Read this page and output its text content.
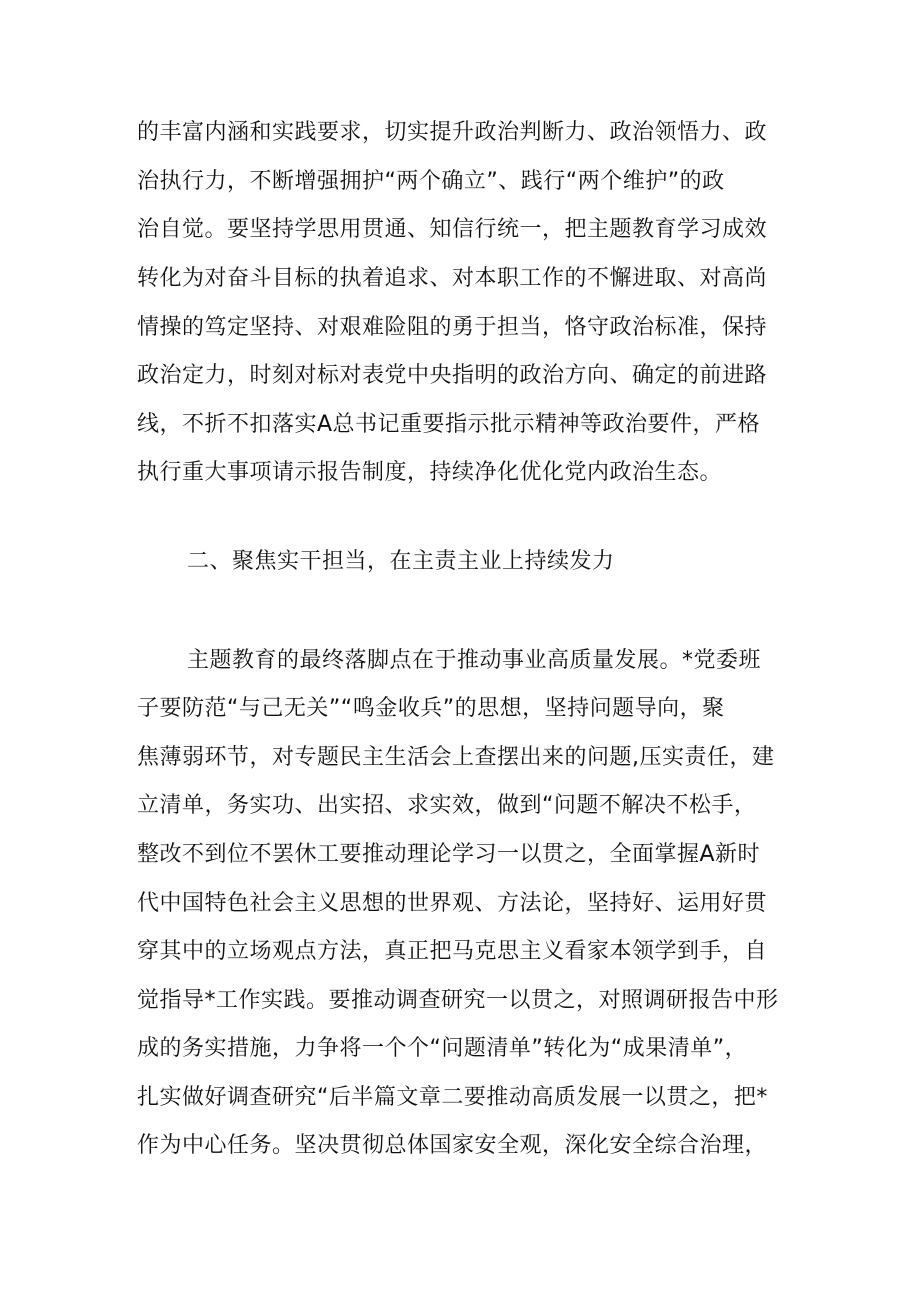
的丰富内涵和实践要求，切实提升政治判断力、政治领悟力、政
治执行力，不断增强拥护“两个确立”、践行“两个维护”的政
治自觉。要坚持学思用贯通、知信行统一，把主题教育学习成效
转化为对奋斗目标的执着追求、对本职工作的不懈进取、对高尚
情操的笃定坚持、对艰难险阻的勇于担当，恪守政治标准，保持
政治定力，时刻对标对表党中央指明的政治方向、确定的前进路
线，不折不扣落实A总书记重要指示批示精神等政治要件，严格
执行重大事项请示报告制度，持续净化优化党内政治生态。
二、聚焦实干担当，在主责主业上持续发力
主题教育的最终落脚点在于推动事业高质量发展。*党委班
子要防范“与己无关”“鸣金收兵”的思想，坚持问题导向，聚
焦薄弱环节，对专题民主生活会上查摆出来的问题,压实责任，建
立清单，务实功、出实招、求实效，做到“问题不解决不松手，
整改不到位不罢休工要推动理论学习一以贯之，全面掌握A新时
代中国特色社会主义思想的世界观、方法论，坚持好、运用好贯
穿其中的立场观点方法，真正把马克思主义看家本领学到手，自
觉指导*工作实践。要推动调查研究一以贯之，对照调研报告中形
成的务实措施，力争将一个个“问题清单”转化为“成果清单”，
扎实做好调查研究“后半篇文章二要推动高质发展一以贯之，把*
作为中心任务。坚决贯彻总体国家安全观，深化安全综合治理，
